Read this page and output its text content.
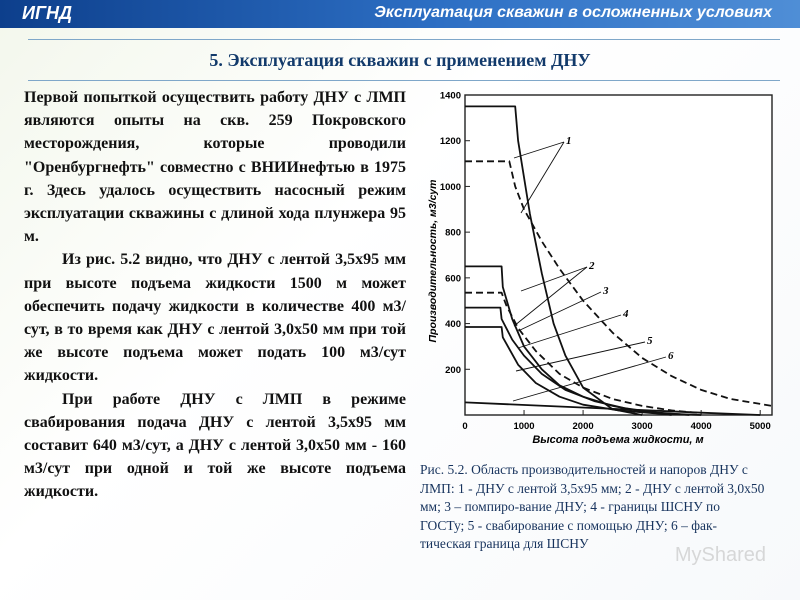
ИГНД	Эксплуатация скважин в осложненных условиях
5. Эксплуатация скважин с применением ДНУ

Первой попыткой осуществить работу ДНУ с ЛМП являются опыты на скв. 259 Покровского месторождения, которые проводили "Оренбургнефть" совместно с ВНИИнефтью в 1975 г. Здесь удалось осуществить насосный режим эксплуатации скважины с длиной хода плунжера 95 м.

Из рис. 5.2 видно, что ДНУ с лентой 3,5х95 мм при высоте подъема жидкости 1500 м может обеспечить подачу жидкости в количестве 400 м3/сут, в то время как ДНУ с лентой 3,0х50 мм при той же высоте подъема может подать 100 м3/сут жидкости.

При работе ДНУ с ЛМП в режиме свабирования подача ДНУ с лентой 3,5х95 мм составит 640 м3/сут, а ДНУ с лентой 3,0х50 мм - 160 м3/сут при одной и той же высоте подъема жидкости.

0	1000	2000	3000	4000	5000
200
400
600
800
1000
1200
1400
1
2
3
4
5
6
Высота подъема жидкости, м
Производительность, м3/сут
Рис. 5.2. Область производительностей и напоров ДНУ с ЛМП: 1 - ДНУ с лентой 3,5х95 мм; 2 - ДНУ с лентой 3,0х50 мм; 3 – помпиро-вание ДНУ; 4 - границы ШСНУ по ГОСТу; 5 - свабирование с помощью ДНУ; 6 – фак-тическая граница для ШСНУ
MyShared
